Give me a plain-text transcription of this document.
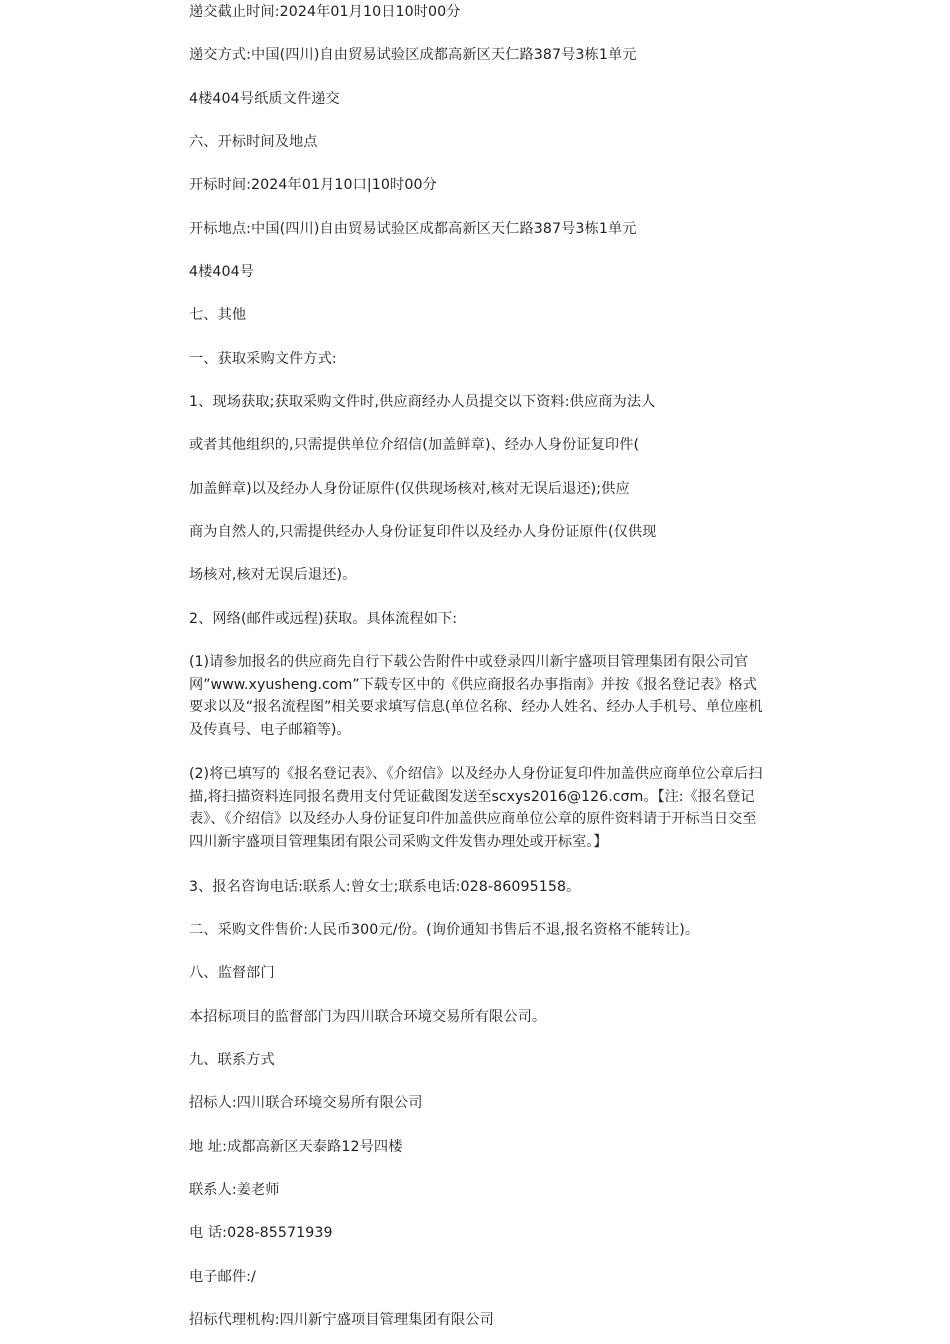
递交截止时间:2024年01月10日10时00分
递交方式:中国(四川)自由贸易试验区成都高新区天仁路387号3栋1单元
4楼404号纸质文件递交
六、开标时间及地点
开标时间:2024年01月10口|10时00分
开标地点:中国(四川)自由贸易试验区成都高新区天仁路387号3栋1单元
4楼404号
七、其他
一、获取采购文件方式:
1、现场获取;获取采购文件时,供应商经办人员提交以下资料:供应商为法人
或者其他组织的,只需提供单位介绍信(加盖鲜章)、经办人身份证复印件(
加盖鲜章)以及经办人身份证原件(仅供现场核对,核对无误后退还);供应
商为自然人的,只需提供经办人身份证复印件以及经办人身份证原件(仅供现
场核对,核对无误后退还)。
2、网络(邮件或远程)获取。具体流程如下:
(1)请参加报名的供应商先自行下载公告附件中或登录四川新宇盛项目管理集团有限公司官网”www.xyusheng.com”下载专区中的《供应商报名办事指南》并按《报名登记表》格式要求以及“报名流程图”相关要求填写信息(单位名称、经办人姓名、经办人手机号、单位座机及传真号、电子邮箱等)。
(2)将已填写的《报名登记表》、《介绍信》以及经办人身份证复印件加盖供应商单位公章后扫描,将扫描资料连同报名费用支付凭证截图发送至scxys2016@126.cσm。【注:《报名登记表》、《介绍信》以及经办人身份证复印件加盖供应商单位公章的原件资料请于开标当日交至四川新宇盛项目管理集团有限公司采购文件发售办理处或开标室。】
3、报名咨询电话:联系人:曾女士;联系电话:028-86095158。
二、采购文件售价:人民币300元/份。(询价通知书售后不退,报名资格不能转让)。
八、监督部门
本招标项目的监督部门为四川联合环境交易所有限公司。
九、联系方式
招标人:四川联合环境交易所有限公司
地 址:成都高新区天泰路12号四楼
联系人:姜老师
电 话:028-85571939
电子邮件:/
招标代理机构:四川新宁盛项目管理集团有限公司
